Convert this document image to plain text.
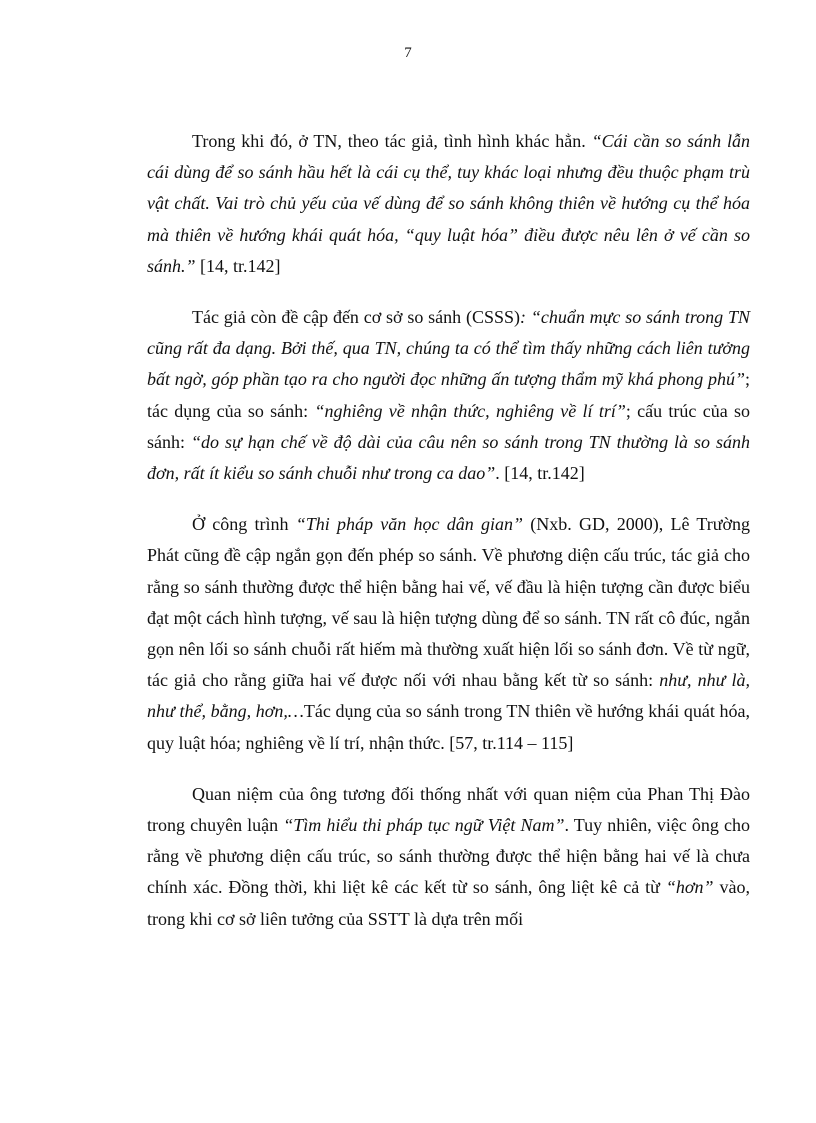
7

Trong khi đó, ở TN, theo tác giả, tình hình khác hẳn. “Cái cần so sánh lẫn cái dùng để so sánh hầu hết là cái cụ thể, tuy khác loại nhưng đều thuộc phạm trù vật chất. Vai trò chủ yếu của vế dùng để so sánh không thiên về hướng cụ thể hóa mà thiên về hướng khái quát hóa, “quy luật hóa” điều được nêu lên ở vế cần so sánh.” [14, tr.142]

Tác giả còn đề cập đến cơ sở so sánh (CSSS): “chuẩn mực so sánh trong TN cũng rất đa dạng. Bởi thế, qua TN, chúng ta có thể tìm thấy những cách liên tưởng bất ngờ, góp phần tạo ra cho người đọc những ấn tượng thẩm mỹ khá phong phú”; tác dụng của so sánh: “nghiêng về nhận thức, nghiêng về lí trí”; cấu trúc của so sánh: “do sự hạn chế về độ dài của câu nên so sánh trong TN thường là so sánh đơn, rất ít kiểu so sánh chuỗi như trong ca dao”. [14, tr.142]

Ở công trình “Thi pháp văn học dân gian” (Nxb. GD, 2000), Lê Trường Phát cũng đề cập ngắn gọn đến phép so sánh. Về phương diện cấu trúc, tác giả cho rằng so sánh thường được thể hiện bằng hai vế, vế đầu là hiện tượng cần được biểu đạt một cách hình tượng, vế sau là hiện tượng dùng để so sánh. TN rất cô đúc, ngắn gọn nên lối so sánh chuỗi rất hiếm mà thường xuất hiện lối so sánh đơn. Về từ ngữ, tác giả cho rằng giữa hai vế được nối với nhau bằng kết từ so sánh: như, như là, như thể, bằng, hơn,…Tác dụng của so sánh trong TN thiên về hướng khái quát hóa, quy luật hóa; nghiêng về lí trí, nhận thức. [57, tr.114 – 115]

Quan niệm của ông tương đối thống nhất với quan niệm của Phan Thị Đào trong chuyên luận “Tìm hiểu thi pháp tục ngữ Việt Nam”. Tuy nhiên, việc ông cho rằng về phương diện cấu trúc, so sánh thường được thể hiện bằng hai vế là chưa chính xác. Đồng thời, khi liệt kê các kết từ so sánh, ông liệt kê cả từ “hơn” vào, trong khi cơ sở liên tưởng của SSTT là dựa trên mối
